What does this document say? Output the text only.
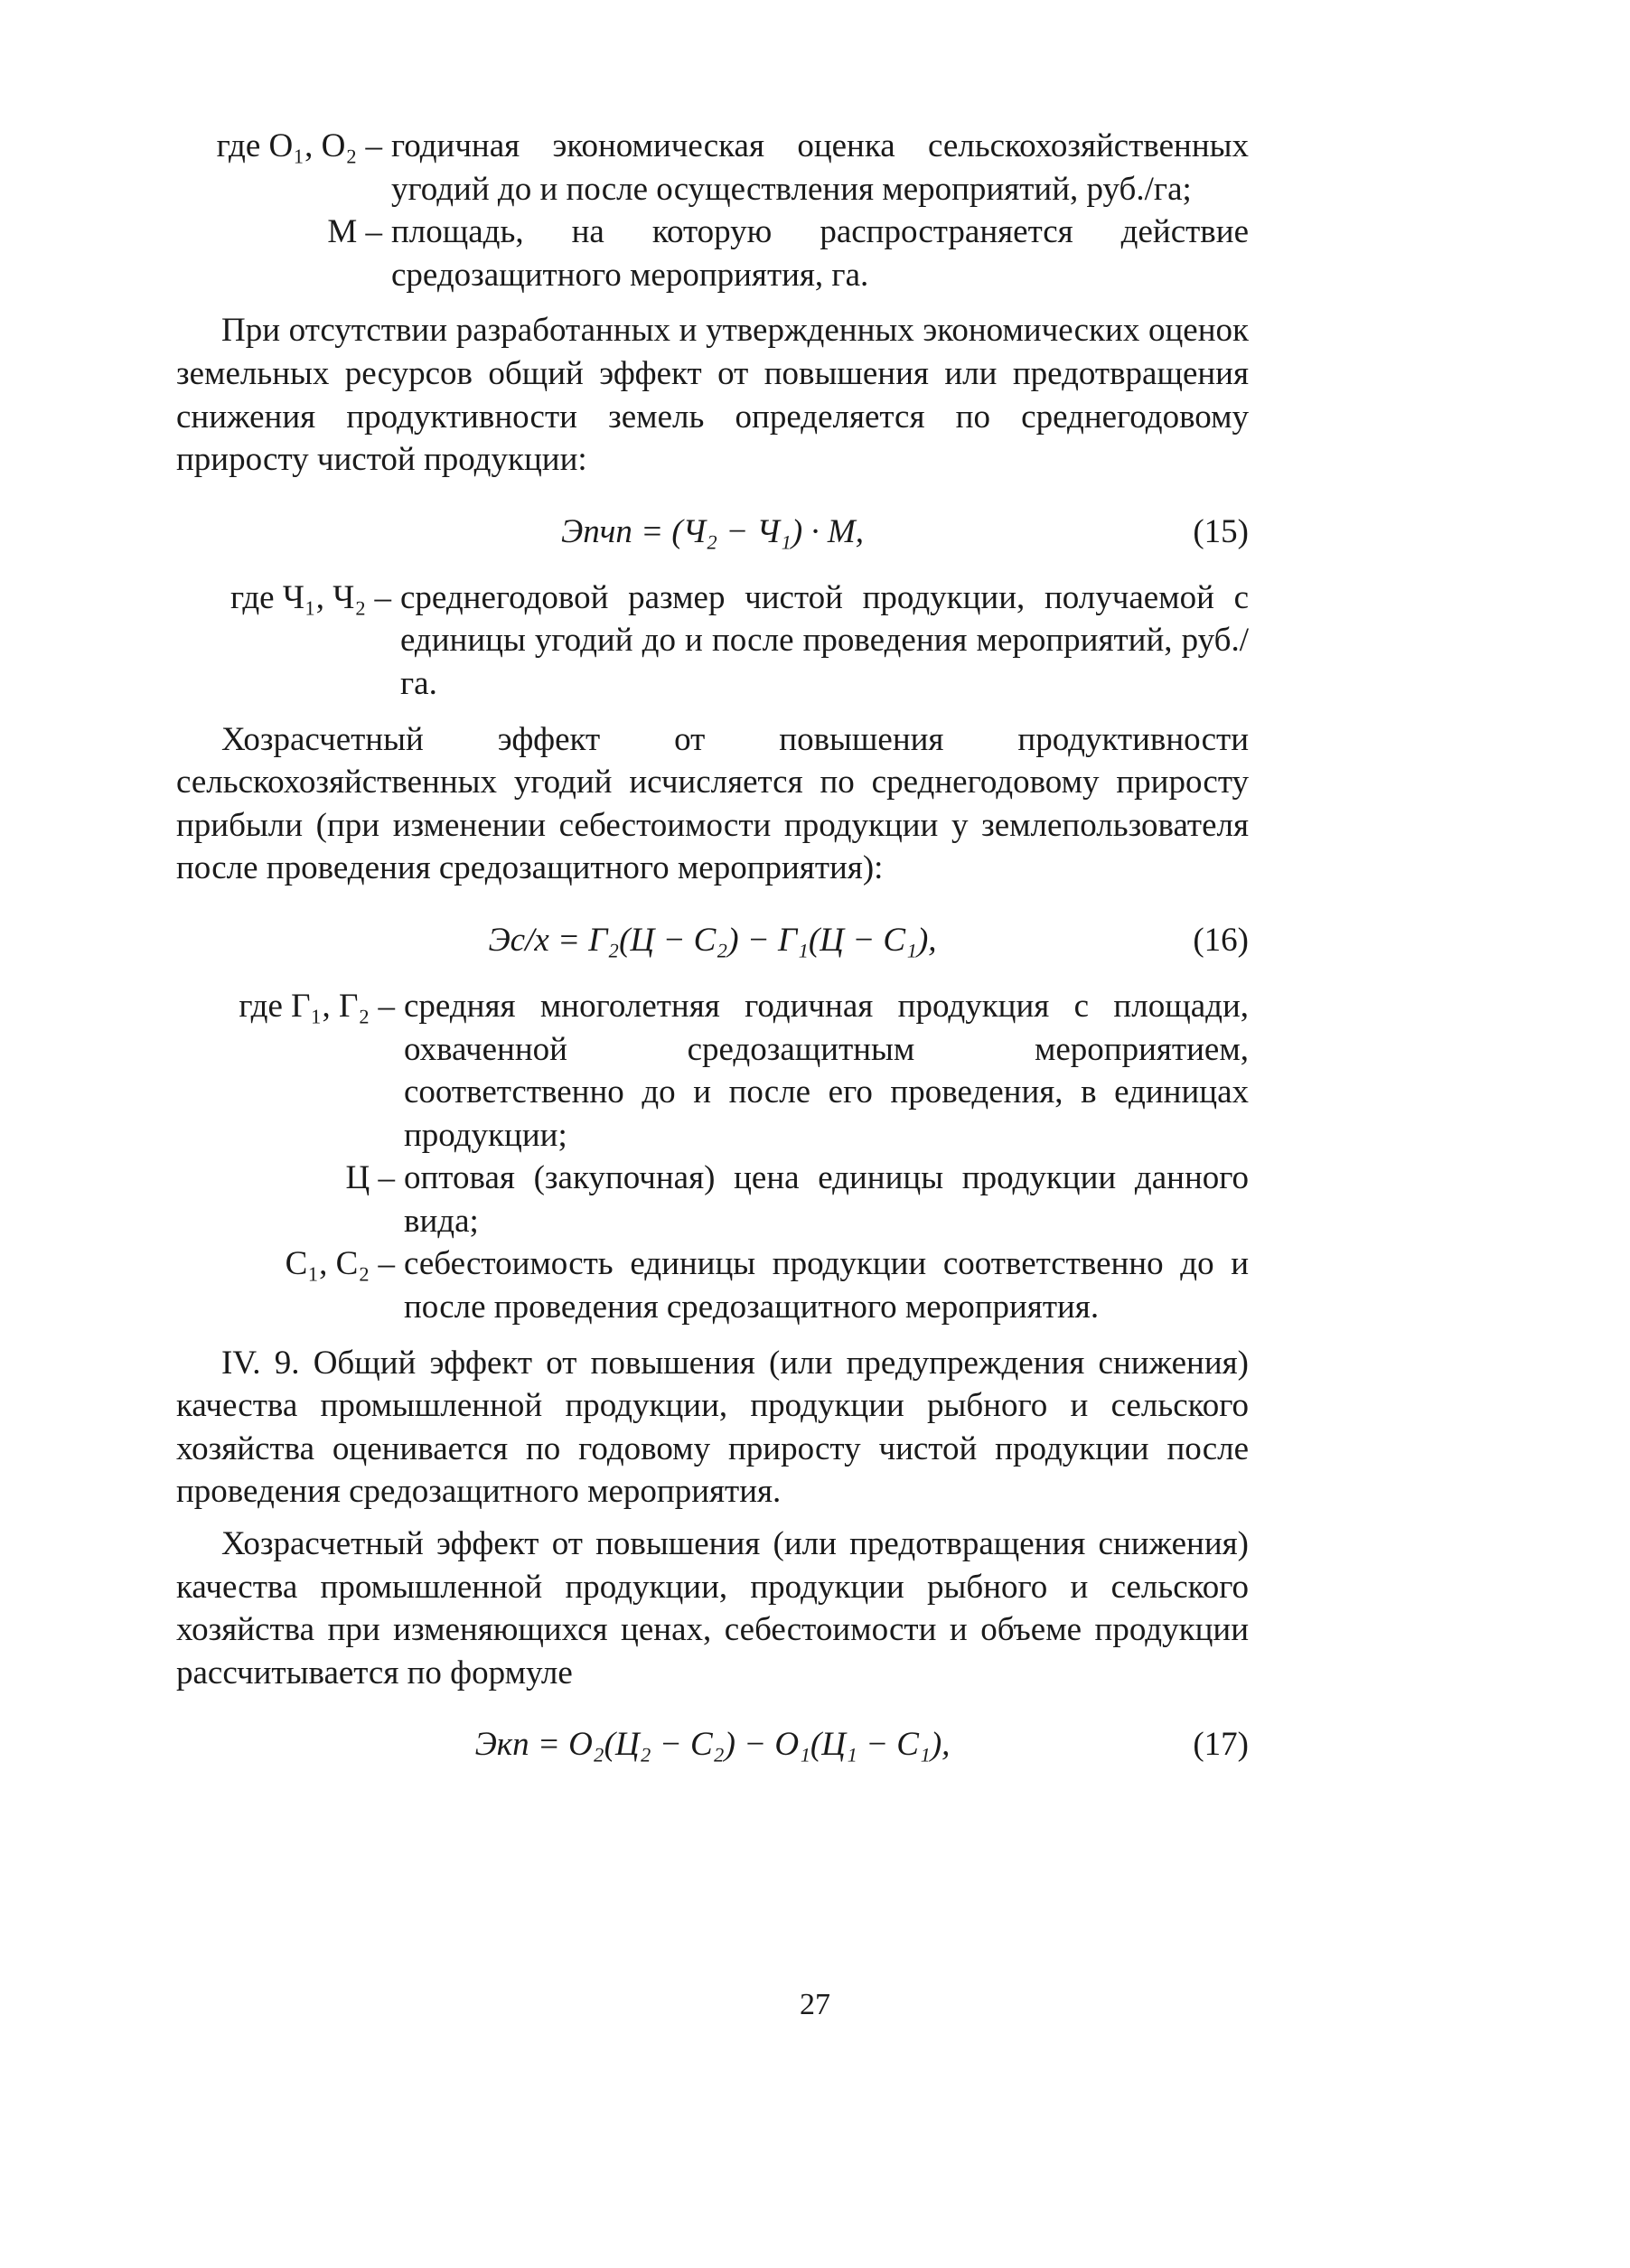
где О₁, О₂ – годичная экономическая оценка сельскохозяйственных угодий до и после осуществления мероприятий, руб./га;
М – площадь, на которую распространяется действие средозащитного мероприятия, га.

При отсутствии разработанных и утвержденных экономических оценок земельных ресурсов общий эффект от повышения или предотвращения снижения продуктивности земель определяется по среднегодовому приросту чистой продукции:

Эпчп = (Ч₂ − Ч₁) · М,	(15)
где Ч₁, Ч₂ – среднегодовой размер чистой продукции, получаемой с единицы угодий до и после проведения мероприятий, руб./га.

Хозрасчетный эффект от повышения продуктивности сельскохозяйственных угодий исчисляется по среднегодовому приросту прибыли (при изменении себестоимости продукции у землепользователя после проведения средозащитного мероприятия):

Эс/х = Г₂(Ц − С₂) − Г₁(Ц − С₁),	(16)
где Г₁, Г₂ – средняя многолетняя годичная продукция с площади, охваченной средозащитным мероприятием, соответственно до и после его проведения, в единицах продукции;
Ц – оптовая (закупочная) цена единицы продукции данного вида;
С₁, С₂ – себестоимость единицы продукции соответственно до и после проведения средозащитного мероприятия.

IV. 9. Общий эффект от повышения (или предупреждения снижения) качества промышленной продукции, продукции рыбного и сельского хозяйства оценивается по годовому приросту чистой продукции после проведения средозащитного мероприятия.

Хозрасчетный эффект от повышения (или предотвращения снижения) качества промышленной продукции, продукции рыбного и сельского хозяйства при изменяющихся ценах, себестоимости и объеме продукции рассчитывается по формуле

Экп = О₂(Ц₂ − С₂) − О₁(Ц₁ − С₁),	(17)
27
